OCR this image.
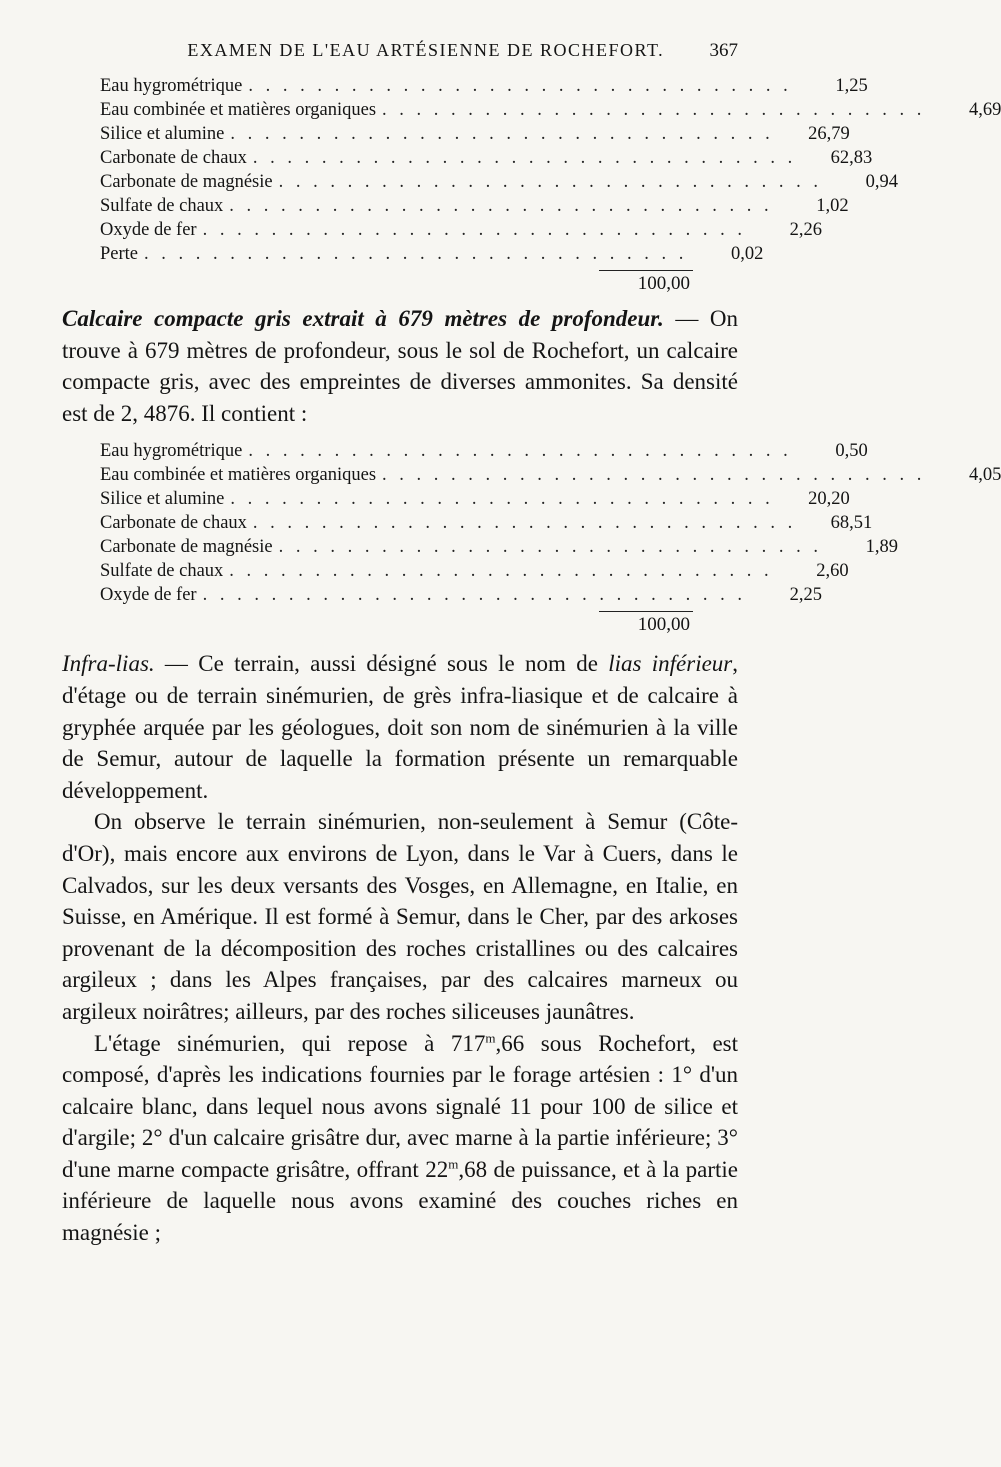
EXAMEN DE L'EAU ARTÉSIENNE DE ROCHEFORT.	367
Eau hygrométrique . . . . . . . . . . . . . . . . . . . . . . . . . . . . . . . .	1,25
Eau combinée et matières organiques . . . . . . . . . . . . . . . . . . . . . . . . . . . . . . . .	4,69
Silice et alumine . . . . . . . . . . . . . . . . . . . . . . . . . . . . . . . .	26,79
Carbonate de chaux . . . . . . . . . . . . . . . . . . . . . . . . . . . . . . . .	62,83
Carbonate de magnésie . . . . . . . . . . . . . . . . . . . . . . . . . . . . . . . .	0,94
Sulfate de chaux . . . . . . . . . . . . . . . . . . . . . . . . . . . . . . . .	1,02
Oxyde de fer . . . . . . . . . . . . . . . . . . . . . . . . . . . . . . . .	2,26
Perte . . . . . . . . . . . . . . . . . . . . . . . . . . . . . . . .	0,02
100,00

Calcaire compacte gris extrait à 679 mètres de profondeur. — On trouve à 679 mètres de profondeur, sous le sol de Rochefort, un calcaire compacte gris, avec des empreintes de diverses ammonites. Sa densité est de 2, 4876. Il contient :

Eau hygrométrique . . . . . . . . . . . . . . . . . . . . . . . . . . . . . . . .	0,50
Eau combinée et matières organiques . . . . . . . . . . . . . . . . . . . . . . . . . . . . . . . .	4,05
Silice et alumine . . . . . . . . . . . . . . . . . . . . . . . . . . . . . . . .	20,20
Carbonate de chaux . . . . . . . . . . . . . . . . . . . . . . . . . . . . . . . .	68,51
Carbonate de magnésie . . . . . . . . . . . . . . . . . . . . . . . . . . . . . . . .	1,89
Sulfate de chaux . . . . . . . . . . . . . . . . . . . . . . . . . . . . . . . .	2,60
Oxyde de fer . . . . . . . . . . . . . . . . . . . . . . . . . . . . . . . .	2,25
100,00

Infra-lias. — Ce terrain, aussi désigné sous le nom de lias inférieur, d'étage ou de terrain sinémurien, de grès infra-liasique et de calcaire à gryphée arquée par les géologues, doit son nom de sinémurien à la ville de Semur, autour de laquelle la formation présente un remarquable développement.

On observe le terrain sinémurien, non-seulement à Semur (Côte-d'Or), mais encore aux environs de Lyon, dans le Var à Cuers, dans le Calvados, sur les deux versants des Vosges, en Allemagne, en Italie, en Suisse, en Amérique. Il est formé à Semur, dans le Cher, par des arkoses provenant de la décomposition des roches cristallines ou des calcaires argileux ; dans les Alpes françaises, par des calcaires marneux ou argileux noirâtres; ailleurs, par des roches siliceuses jaunâtres.

L'étage sinémurien, qui repose à 717$^m$,66 sous Rochefort, est composé, d'après les indications fournies par le forage artésien : 1° d'un calcaire blanc, dans lequel nous avons signalé 11 pour 100 de silice et d'argile; 2° d'un calcaire grisâtre dur, avec marne à la partie inférieure; 3° d'une marne compacte grisâtre, offrant 22$^m$,68 de puissance, et à la partie inférieure de laquelle nous avons examiné des couches riches en magnésie ;
